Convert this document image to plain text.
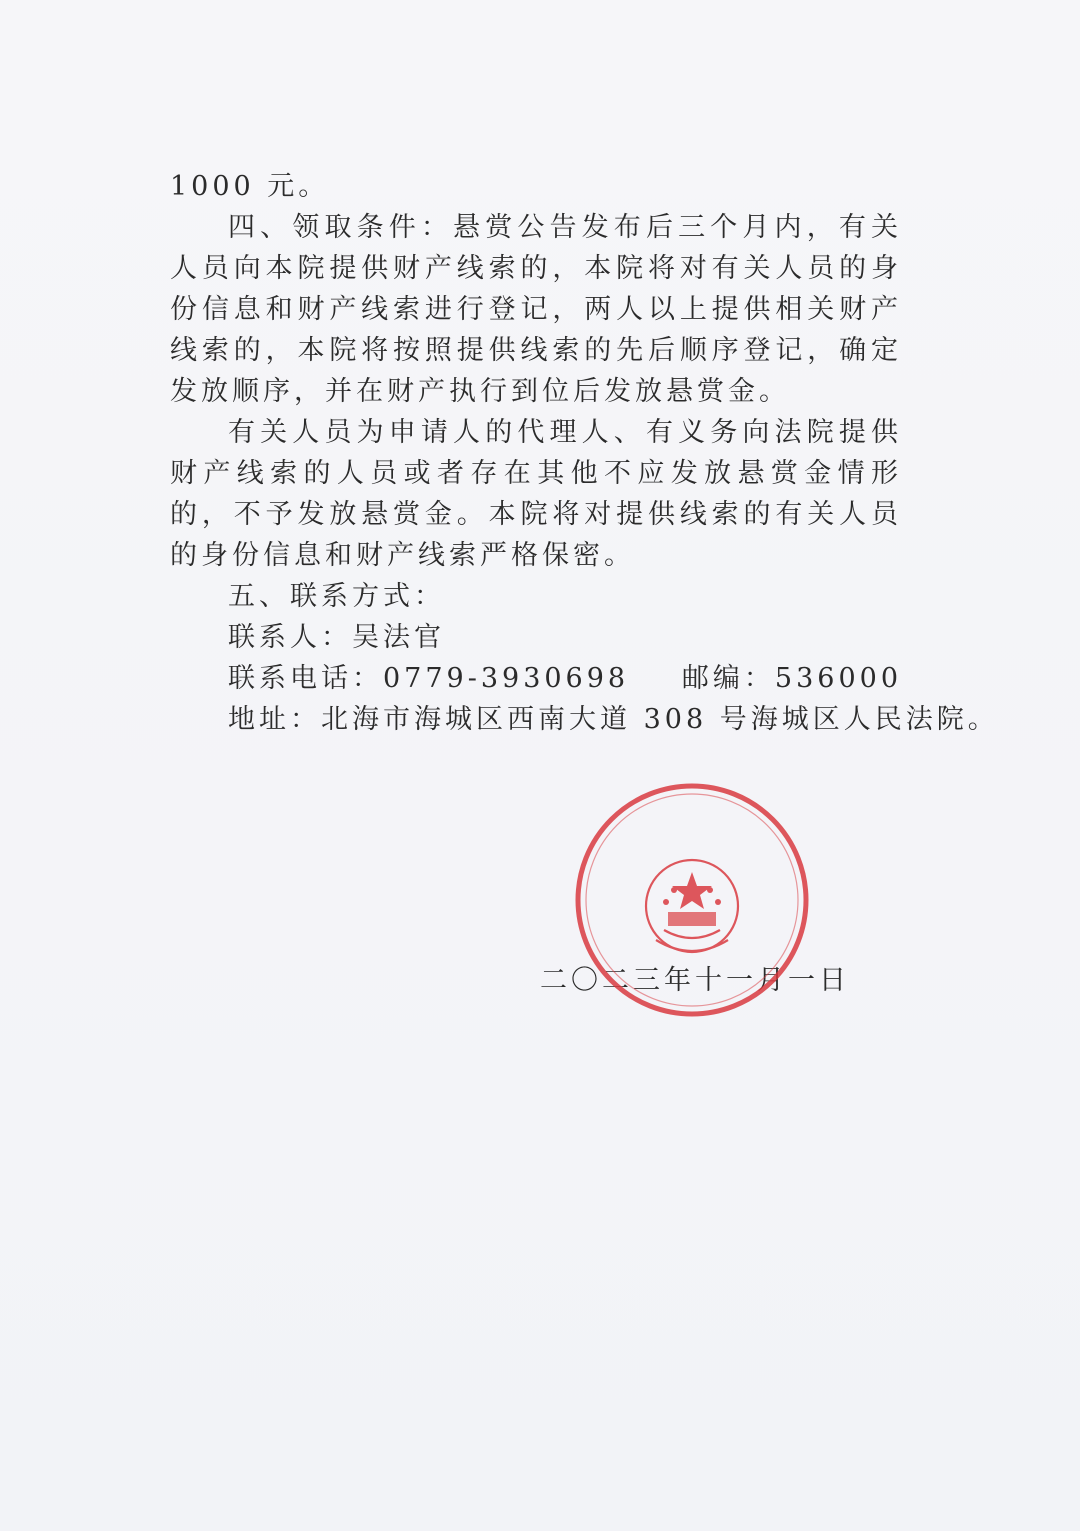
1000 元。

四、领取条件：悬赏公告发布后三个月内，有关人员向本院提供财产线索的，本院将对有关人员的身份信息和财产线索进行登记，两人以上提供相关财产线索的，本院将按照提供线索的先后顺序登记，确定发放顺序，并在财产执行到位后发放悬赏金。

有关人员为申请人的代理人、有义务向法院提供财产线索的人员或者存在其他不应发放悬赏金情形的，不予发放悬赏金。本院将对提供线索的有关人员的身份信息和财产线索严格保密。

五、联系方式：

联系人：吴法官

联系电话：0779-3930698 邮编：536000

地址：北海市海城区西南大道 308 号海城区人民法院。

二〇二三年十一月一日
